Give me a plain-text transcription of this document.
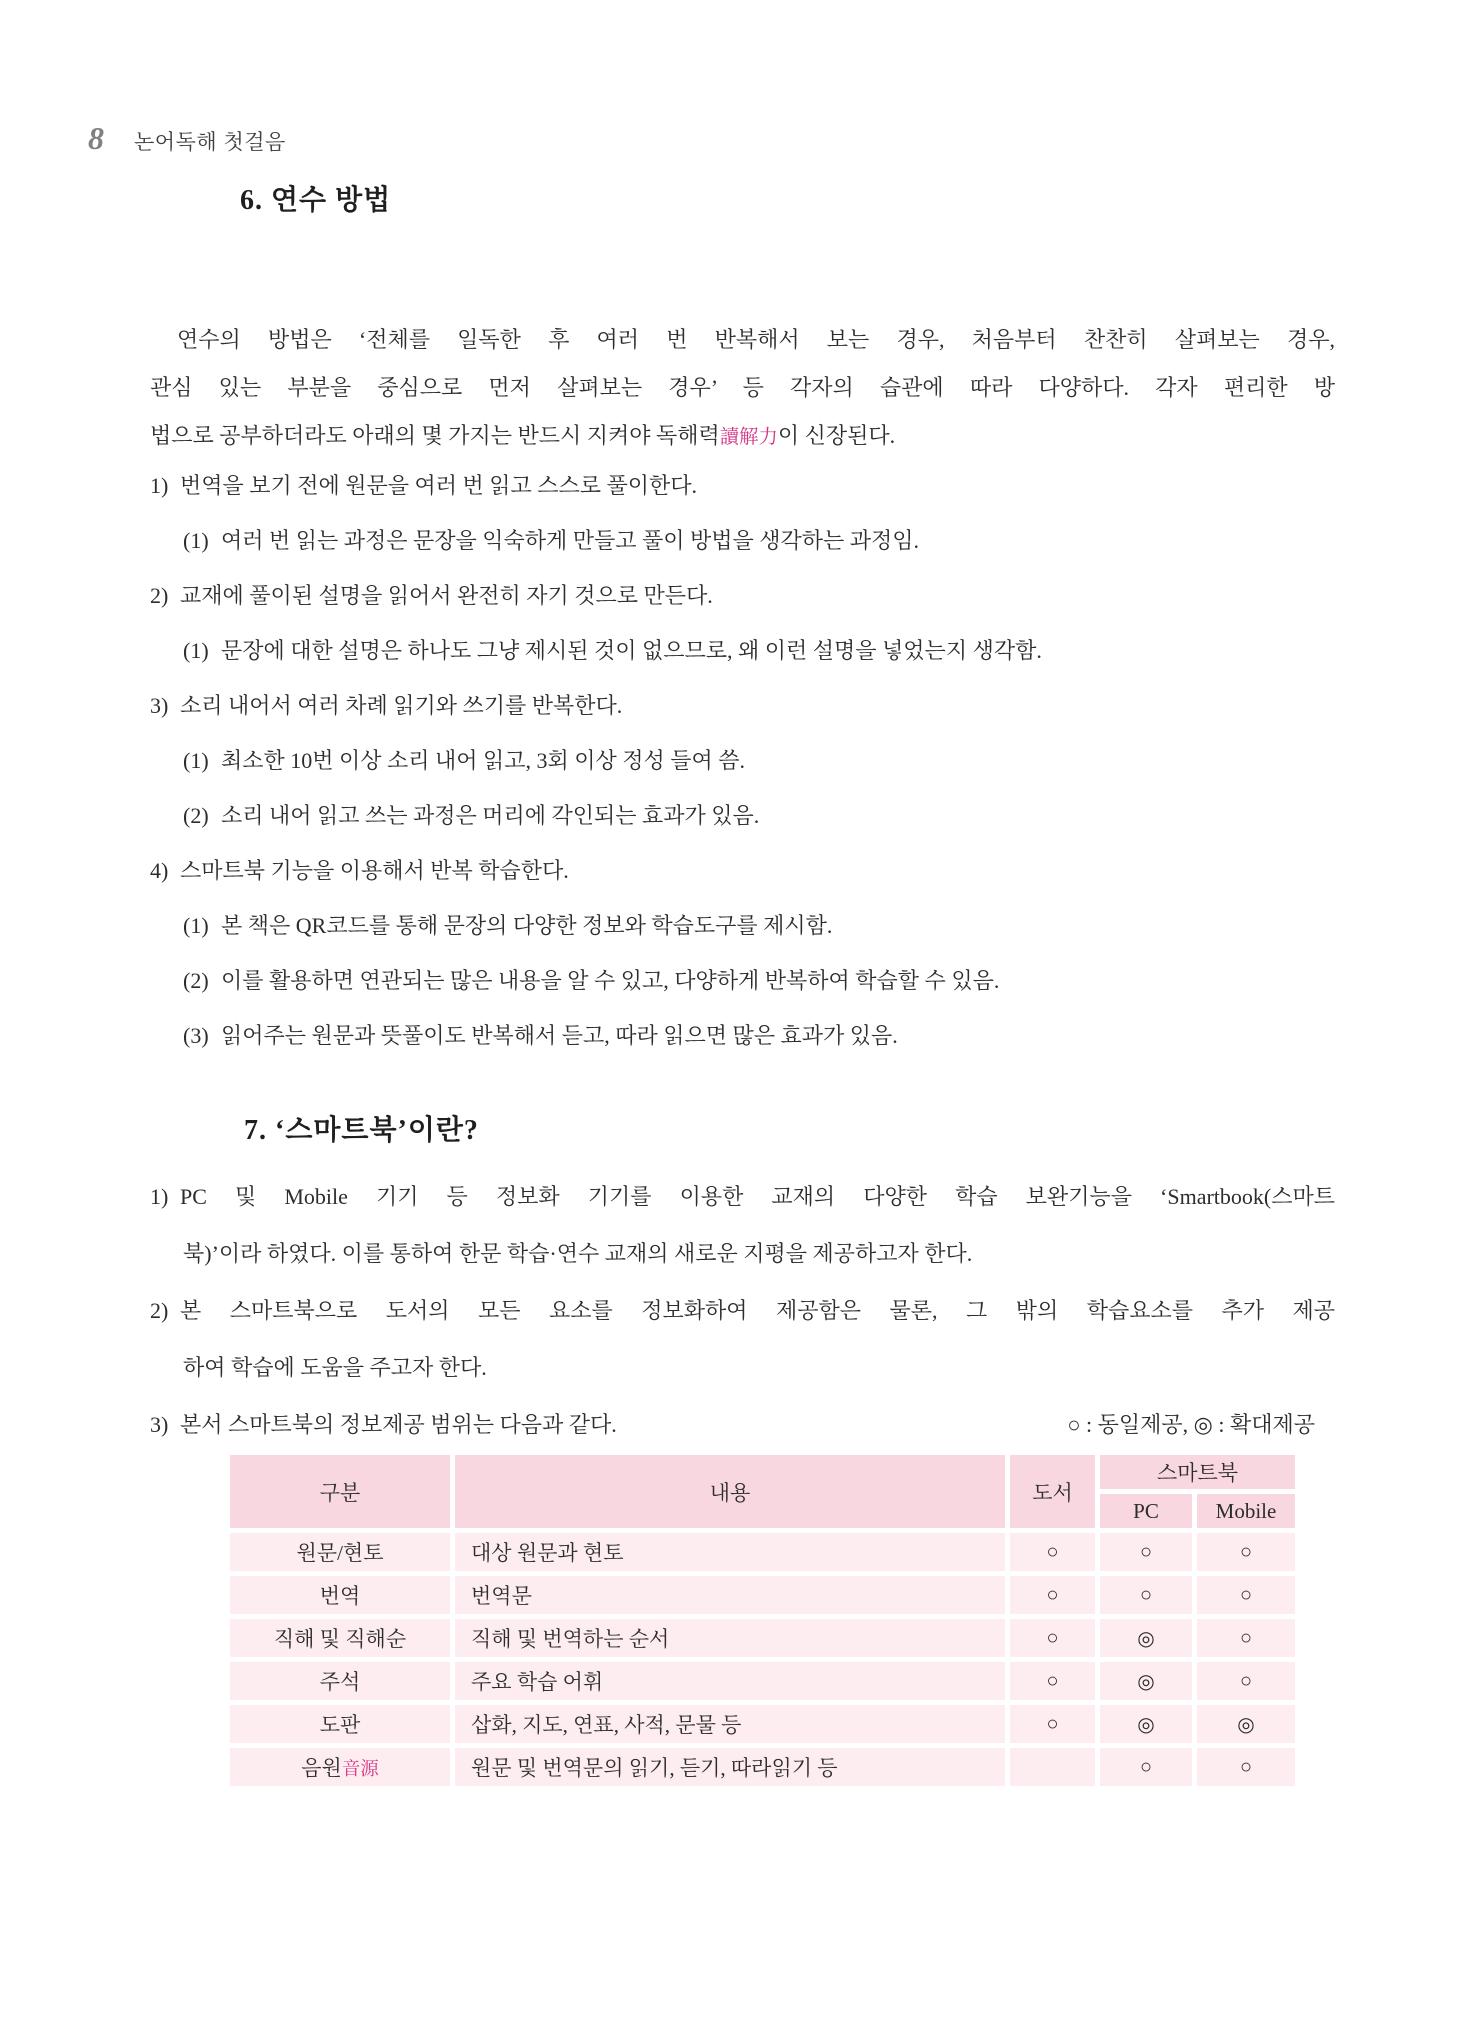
8 논어독해 첫걸음
6. 연수 방법
연수의 방법은 ‘전체를 일독한 후 여러 번 반복해서 보는 경우, 처음부터 찬찬히 살펴보는 경우,
관심 있는 부분을 중심으로 먼저 살펴보는 경우’ 등 각자의 습관에 따라 다양하다. 각자 편리한 방
법으로 공부하더라도 아래의 몇 가지는 반드시 지켜야 독해력讀解力이 신장된다.
1) 번역을 보기 전에 원문을 여러 번 읽고 스스로 풀이한다.
(1) 여러 번 읽는 과정은 문장을 익숙하게 만들고 풀이 방법을 생각하는 과정임.
2) 교재에 풀이된 설명을 읽어서 완전히 자기 것으로 만든다.
(1) 문장에 대한 설명은 하나도 그냥 제시된 것이 없으므로, 왜 이런 설명을 넣었는지 생각함.
3) 소리 내어서 여러 차례 읽기와 쓰기를 반복한다.
(1) 최소한 10번 이상 소리 내어 읽고, 3회 이상 정성 들여 씀.
(2) 소리 내어 읽고 쓰는 과정은 머리에 각인되는 효과가 있음.
4) 스마트북 기능을 이용해서 반복 학습한다.
(1) 본 책은 QR코드를 통해 문장의 다양한 정보와 학습도구를 제시함.
(2) 이를 활용하면 연관되는 많은 내용을 알 수 있고, 다양하게 반복하여 학습할 수 있음.
(3) 읽어주는 원문과 뜻풀이도 반복해서 듣고, 따라 읽으면 많은 효과가 있음.
7. ‘스마트북’이란?
1) PC 및 Mobile 기기 등 정보화 기기를 이용한 교재의 다양한 학습 보완기능을 ‘Smartbook(스마트
북)’이라 하였다. 이를 통하여 한문 학습·연수 교재의 새로운 지평을 제공하고자 한다.
2) 본 스마트북으로 도서의 모든 요소를 정보화하여 제공함은 물론, 그 밖의 학습요소를 추가 제공
하여 학습에 도움을 주고자 한다.
3) 본서 스마트북의 정보제공 범위는 다음과 같다.	○ : 동일제공, ◎ : 확대제공
구분	내용	도서	스마트북	
			PC	Mobile
원문/현토	대상 원문과 현토	○	○	○
번역	번역문	○	○	○
직해 및 직해순	직해 및 번역하는 순서	○	◎	○
주석	주요 학습 어휘	○	◎	○
도판	삽화, 지도, 연표, 사적, 문물 등	○	◎	◎
음원音源	원문 및 번역문의 읽기, 듣기, 따라읽기 등		○	○
